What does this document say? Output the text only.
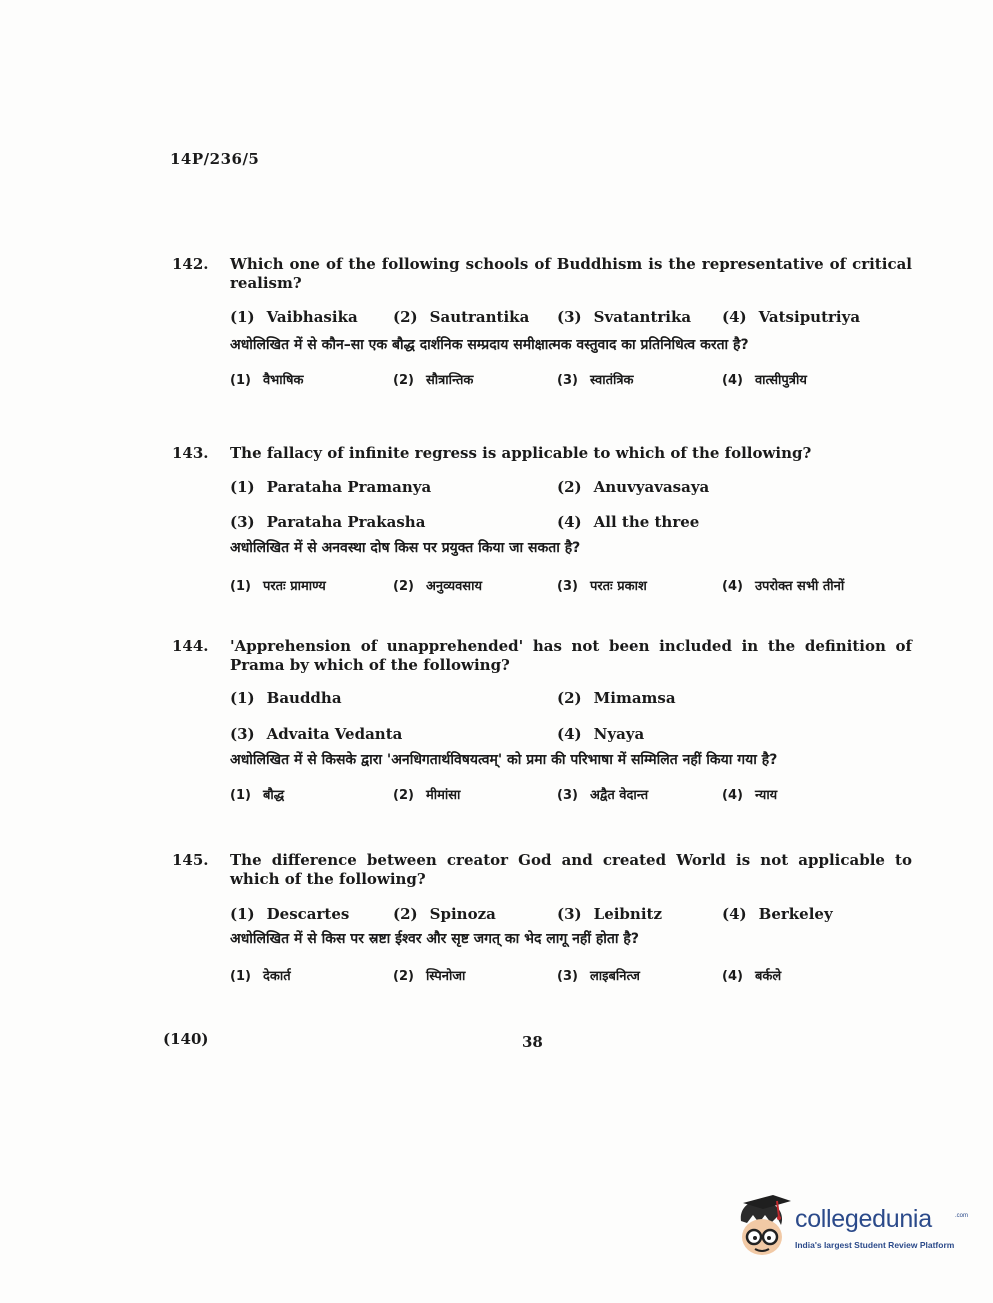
14P/236/5
142. Which one of the following schools of Buddhism is the representative of critical realism?
(1) Vaibhasika (2) Sautrantika (3) Svatantrika (4) Vatsiputriya
अधोलिखित में से कौन–सा एक बौद्ध दार्शनिक सम्प्रदाय समीक्षात्मक वस्तुवाद का प्रतिनिधित्व करता है?
(1) वैभाषिक	(2) सौत्रान्तिक	(3) स्वातंत्रिक	(4) वात्सीपुत्रीय
143. The fallacy of infinite regress is applicable to which of the following?
(1) Parataha Pramanya	(2) Anuvyavasaya
(3) Parataha Prakasha	(4) All the three
अधोलिखित में से अनवस्था दोष किस पर प्रयुक्त किया जा सकता है?
(1) परतः प्रामाण्य	(2) अनुव्यवसाय	(3) परतः प्रकाश	(4) उपरोक्त सभी तीनों
144. 'Apprehension of unapprehended' has not been included in the definition of Prama by which of the following?
(1) Bauddha	(2) Mimamsa
(3) Advaita Vedanta	(4) Nyaya
अधोलिखित में से किसके द्वारा 'अनधिगतार्थविषयत्वम्' को प्रमा की परिभाषा में सम्मिलित नहीं किया गया है?
(1) बौद्ध	(2) मीमांसा	(3) अद्वैत वेदान्त	(4) न्याय
145. The difference between creator God and created World is not applicable to which of the following?
(1) Descartes	(2) Spinoza	(3) Leibnitz	(4) Berkeley
अधोलिखित में से किस पर स्रष्टा ईश्वर और सृष्ट जगत् का भेद लागू नहीं होता है?
(1) देकार्त	(2) स्पिनोजा	(3) लाइबनित्ज	(4) बर्कले
(140)	38
collegedunia	.com
India's largest Student Review Platform
